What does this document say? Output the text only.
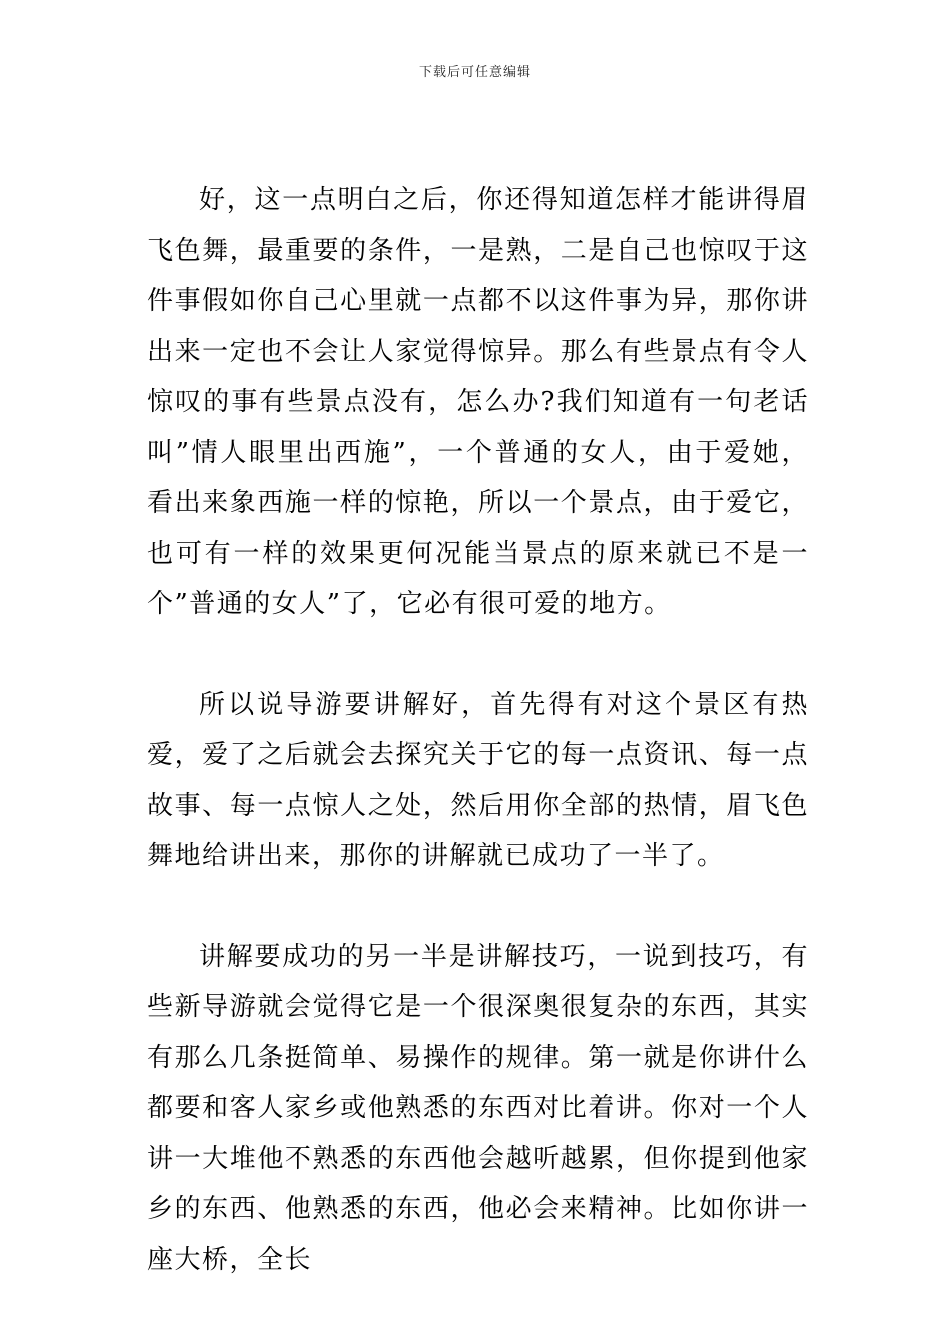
下载后可任意编辑

好，这一点明白之后，你还得知道怎样才能讲得眉飞色舞，最重要的条件，一是熟，二是自己也惊叹于这件事假如你自己心里就一点都不以这件事为异，那你讲出来一定也不会让人家觉得惊异。那么有些景点有令人惊叹的事有些景点没有，怎么办?我们知道有一句老话叫”情人眼里出西施”，一个普通的女人，由于爱她，看出来象西施一样的惊艳，所以一个景点，由于爱它，也可有一样的效果更何况能当景点的原来就已不是一个”普通的女人”了，它必有很可爱的地方。

所以说导游要讲解好，首先得有对这个景区有热爱，爱了之后就会去探究关于它的每一点资讯、每一点故事、每一点惊人之处，然后用你全部的热情，眉飞色舞地给讲出来，那你的讲解就已成功了一半了。

讲解要成功的另一半是讲解技巧，一说到技巧，有些新导游就会觉得它是一个很深奥很复杂的东西，其实有那么几条挺简单、易操作的规律。第一就是你讲什么都要和客人家乡或他熟悉的东西对比着讲。你对一个人讲一大堆他不熟悉的东西他会越听越累，但你提到他家乡的东西、他熟悉的东西，他必会来精神。比如你讲一座大桥，全长
